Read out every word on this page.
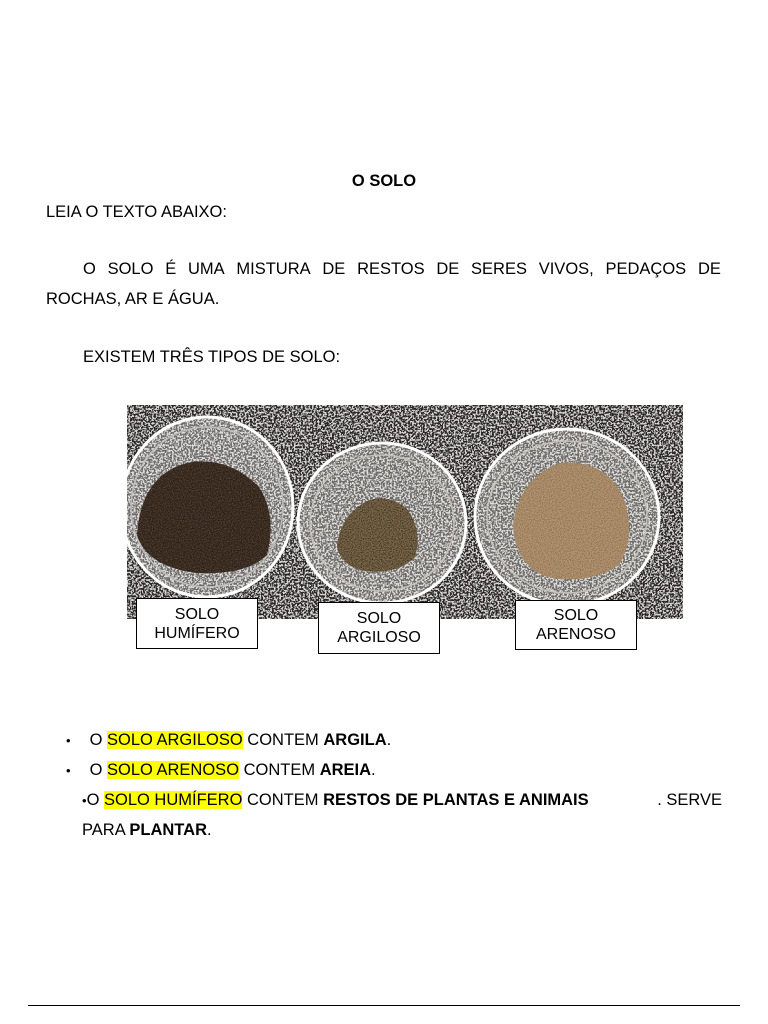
O SOLO
LEIA O TEXTO ABAIXO:
O SOLO É UMA MISTURA DE RESTOS DE SERES VIVOS, PEDAÇOS DE
ROCHAS, AR E ÁGUA.
EXISTEM TRÊS TIPOS DE SOLO:
SOLO
HUMÍFERO
SOLO
ARGILOSO
SOLO
ARENOSO
• O SOLO ARGILOSO CONTEM ARGILA.
• O SOLO ARENOSO CONTEM AREIA.
•O SOLO HUMÍFERO CONTEM RESTOS DE PLANTAS E ANIMAIS	. SERVE
PARA PLANTAR.
